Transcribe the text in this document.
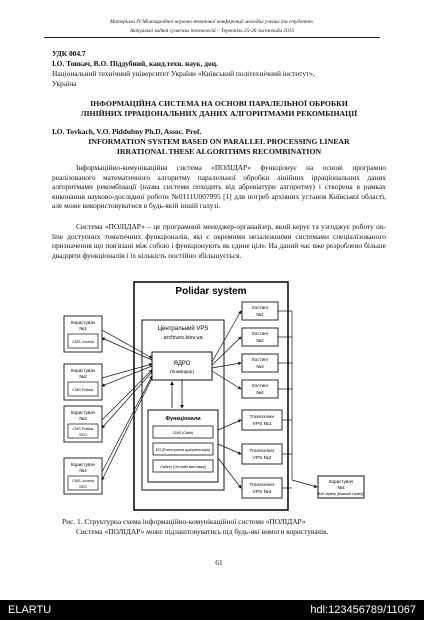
Матеріали IV Міжнародної науково-технічної конференції молодих учених та студентів.
Актуальні задачі сучасних технологій – Тернопіль 25-26 листопада 2015
УДК 004.7
І.О. Товкач, В.О. Піддубний, канд.техн. наук, доц.
Національний технічний університет України «Київський політехнічний інститут»,
Україна
ІНФОРМАЦІЙНА СИСТЕМА НА ОСНОВІ ПАРАЛЕЛЬНОЇ ОБРОБКИ
ЛІНІЙНИХ ІРРАЦІОНАЛЬНИХ ДАНИХ АЛГОРИТМАМИ РЕКОМБІНАЦІЇ
I.O. Tovkach, V.O. Piddubny Ph.D, Assoc. Prof.
INFORMATION SYSTEM BASED ON PARALLEL PROCESSING LINEAR
IRRATIONAL THESE ALGORITHMS RECOMBINATION
Інформаційно-комунікаційна система «ПОЛІДАР» функціонує на основі програмно реалізованого математичного алгоритму паралельної обробки лінійних ірраціональних даних алгоритмами рекомбінації (назва системи походить від абревіатури алгоритму) і створена в рамках виконання науково-дослідної роботи №0111U007995 [1] для потреб архівних установ Київської області, але може використовуватися в будь-якій іншій галузі.
Система «ПОЛІДАР» – це програмний менеджер-органайзер, який керує та узгоджує роботу on-line доступних тематичних функціоналів, які є окремими незалежними системами спеціалізованого призначення що пов'язані між собою і функціонують як єдине ціле. На даний час вже розроблено більше двадцяти функціоналів і їх кількість постійно збільшується.
Polidar system
Центральний VPS
archives.kiev.ua
ЯДРО
(Командер)
Функціонали
CMS (Caliri)
ED (Електронна документація)
Gallery (Онлайн виставка)
Користувач
№1
CMS Joomla
Користувач
№2
CMS Polidar
Користувач
№3
CMS Polidar
SEO
Користувач
№4
CMS Joomla
SEO
Хостинг
№1
Хостинг
№2
Хостинг
№3
Хостинг
№4
Transceiver
VPS №1
Transceiver
VPS №2
Transceiver
VPS №3
Користувач
№4
Веб сервер (власний сервер)
Рис. 1. Структурна схема інформаційно-комунікаційної системи «ПОЛІДАР»
Система «ПОЛІДАР» може підлаштовуватись під будь-які вимоги користувачів.
61
ELARTU	hdl:123456789/11067
